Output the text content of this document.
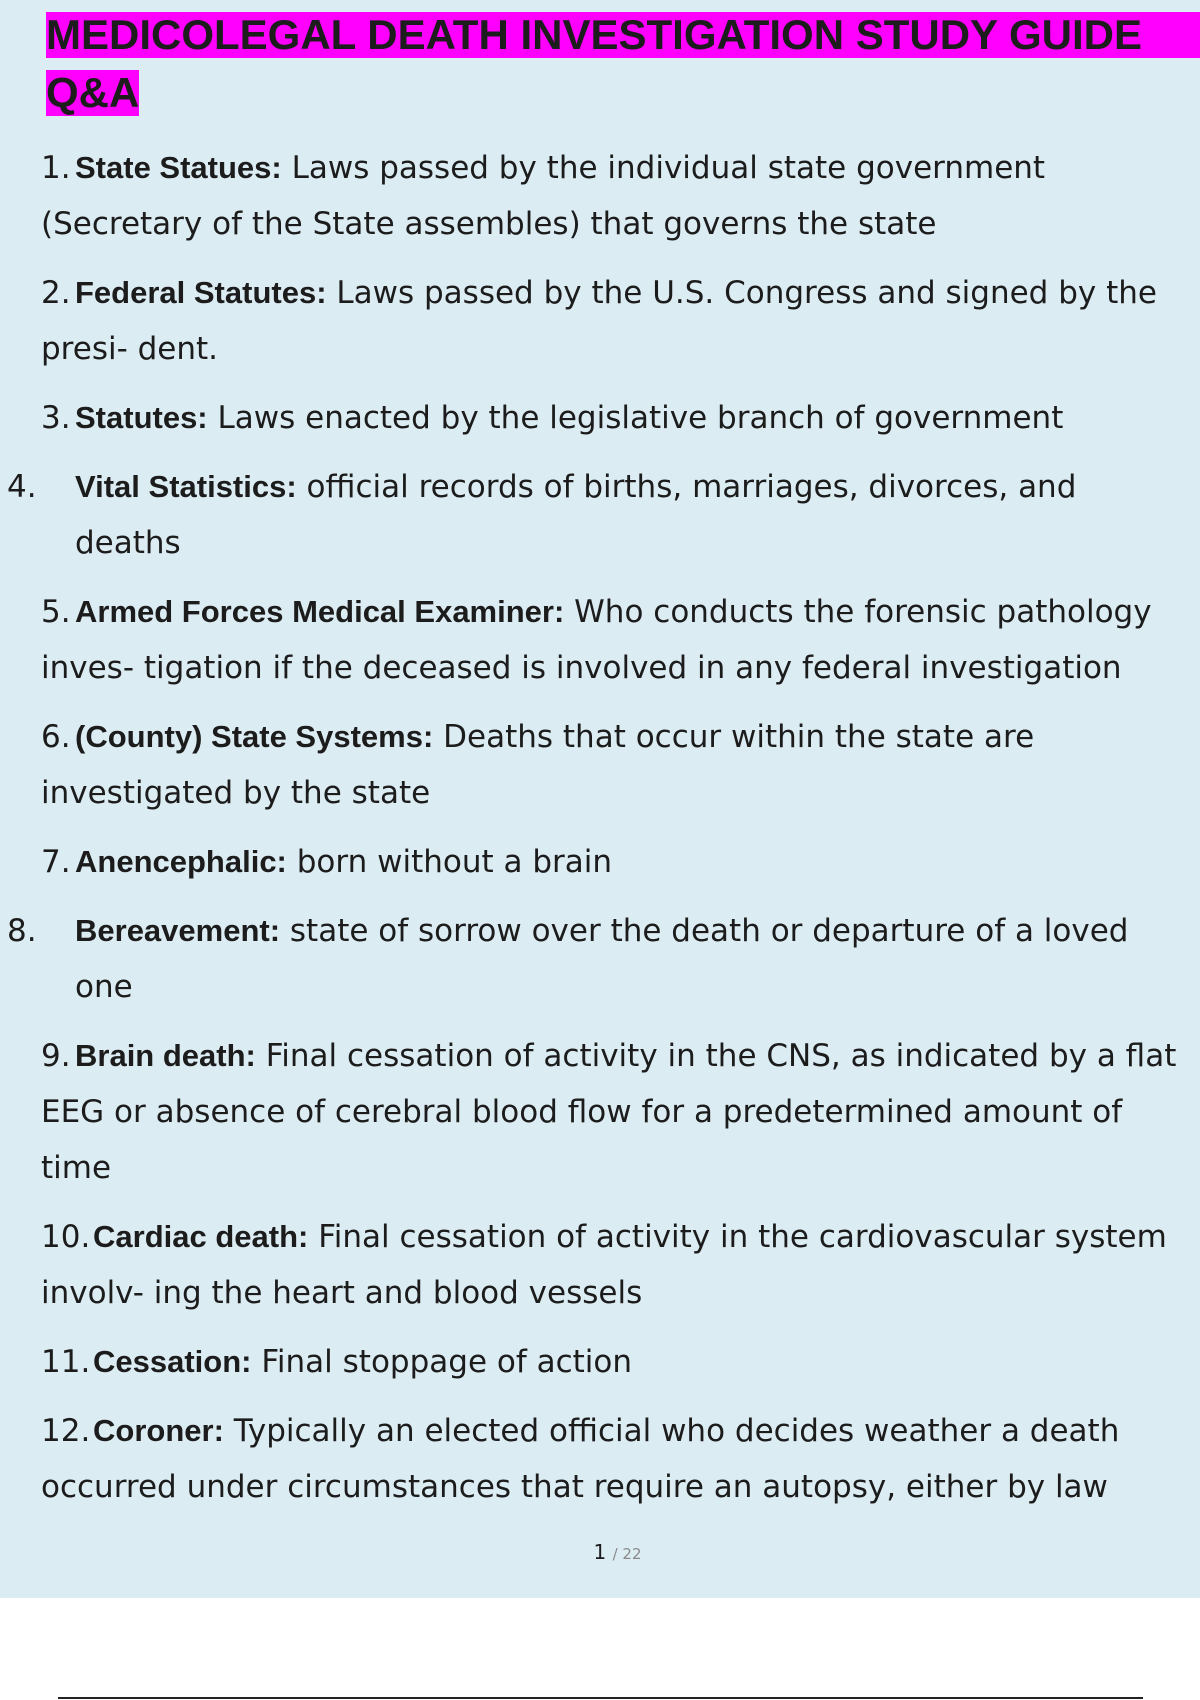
MEDICOLEGAL DEATH INVESTIGATION STUDY GUIDE
Q&A
1. State Statues: Laws passed by the individual state government (Secretary of the State assembles) that governs the state
2. Federal Statutes: Laws passed by the U.S. Congress and signed by the presi- dent.
3. Statutes: Laws enacted by the legislative branch of government
4. Vital Statistics: official records of births, marriages, divorces, and deaths
5. Armed Forces Medical Examiner: Who conducts the forensic pathology inves- tigation if the deceased is involved in any federal investigation
6. (County) State Systems: Deaths that occur within the state are investigated by the state
7. Anencephalic: born without a brain
8. Bereavement: state of sorrow over the death or departure of a loved one
9. Brain death: Final cessation of activity in the CNS, as indicated by a flat EEG or absence of cerebral blood flow for a predetermined amount of time
10.Cardiac death: Final cessation of activity in the cardiovascular system involv- ing the heart and blood vessels
11.Cessation: Final stoppage of action
12.Coroner: Typically an elected official who decides weather a death occurred under circumstances that require an autopsy, either by law
1 / 22
